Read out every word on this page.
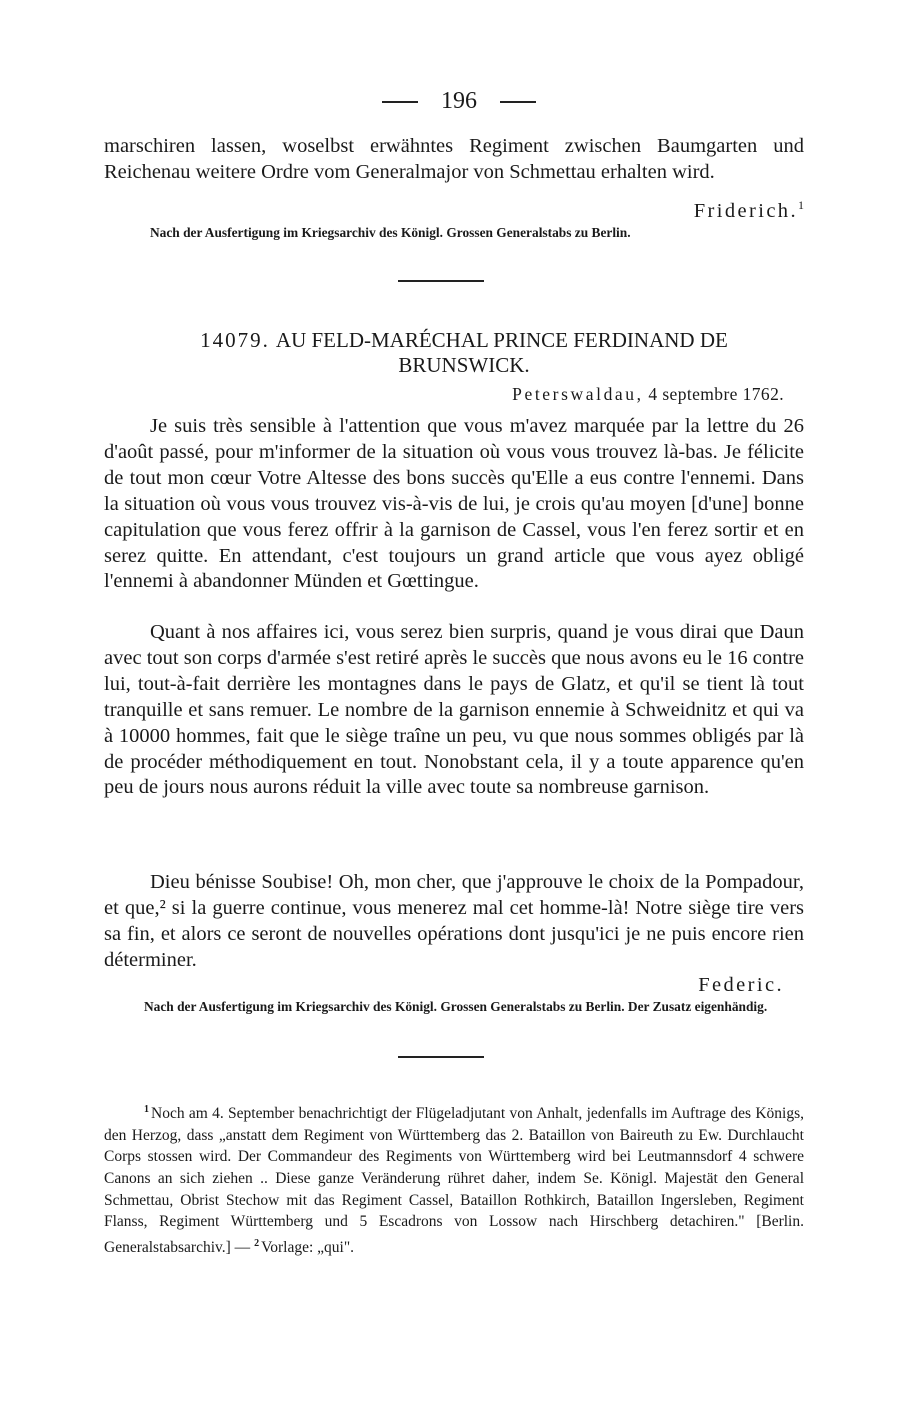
196
marschiren lassen, woselbst erwähntes Regiment zwischen Baumgarten und Reichenau weitere Ordre vom Generalmajor von Schmettau erhalten wird.
Friderich.$^1$
Nach der Ausfertigung im Kriegsarchiv des Königl. Grossen Generalstabs zu Berlin.
14079. AU FELD-MARÉCHAL PRINCE FERDINAND DE BRUNSWICK.
Peterswaldau, 4 septembre 1762.
Je suis très sensible à l'attention que vous m'avez marquée par la lettre du 26 d'août passé, pour m'informer de la situation où vous vous trouvez là-bas. Je félicite de tout mon cœur Votre Altesse des bons succès qu'Elle a eus contre l'ennemi. Dans la situation où vous vous trouvez vis-à-vis de lui, je crois qu'au moyen [d'une] bonne capitulation que vous ferez offrir à la garnison de Cassel, vous l'en ferez sortir et en serez quitte. En attendant, c'est toujours un grand article que vous ayez obligé l'ennemi à abandonner Münden et Gœttingue.
Quant à nos affaires ici, vous serez bien surpris, quand je vous dirai que Daun avec tout son corps d'armée s'est retiré après le succès que nous avons eu le 16 contre lui, tout-à-fait derrière les montagnes dans le pays de Glatz, et qu'il se tient là tout tranquille et sans remuer. Le nombre de la garnison ennemie à Schweidnitz et qui va à 10000 hommes, fait que le siège traîne un peu, vu que nous sommes obligés par là de procéder méthodiquement en tout. Nonobstant cela, il y a toute apparence qu'en peu de jours nous aurons réduit la ville avec toute sa nombreuse garnison.
Dieu bénisse Soubise! Oh, mon cher, que j'approuve le choix de la Pompadour, et que,² si la guerre continue, vous menerez mal cet homme-là! Notre siège tire vers sa fin, et alors ce seront de nouvelles opérations dont jusqu'ici je ne puis encore rien déterminer.
Federic.
Nach der Ausfertigung im Kriegsarchiv des Königl. Grossen Generalstabs zu Berlin. Der Zusatz eigenhändig.
$^1$ Noch am 4. September benachrichtigt der Flügeladjutant von Anhalt, jedenfalls im Auftrage des Königs, den Herzog, dass „anstatt dem Regiment von Württemberg das 2. Bataillon von Baireuth zu Ew. Durchlaucht Corps stossen wird. Der Commandeur des Regiments von Württemberg wird bei Leutmannsdorf 4 schwere Canons an sich ziehen .. Diese ganze Veränderung rühret daher, indem Se. Königl. Majestät den General Schmettau, Obrist Stechow mit das Regiment Cassel, Bataillon Rothkirch, Bataillon Ingersleben, Regiment Flanss, Regiment Württemberg und 5 Escadrons von Lossow nach Hirschberg detachiren." [Berlin. Generalstabsarchiv.] — $^2$ Vorlage: „qui".
